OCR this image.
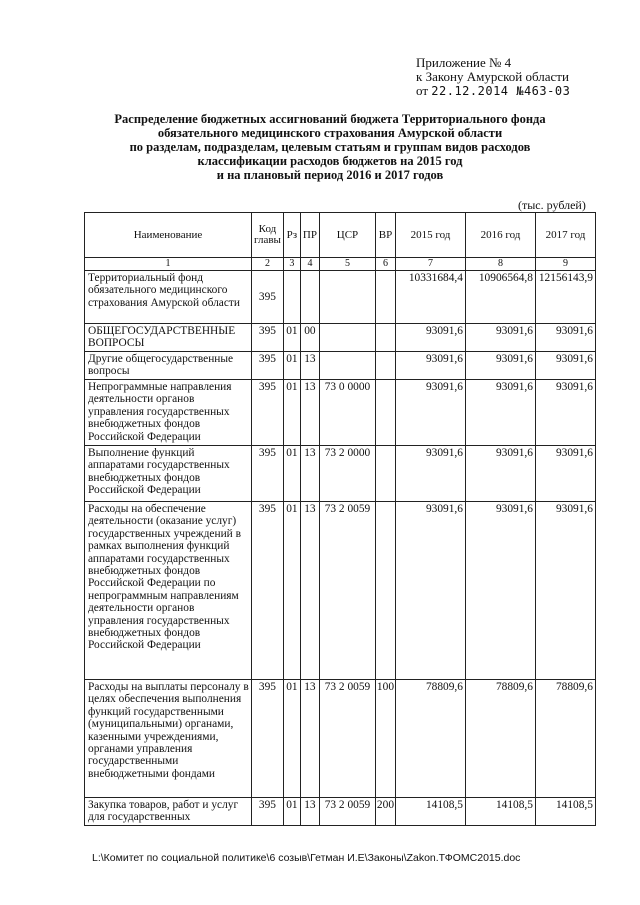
Приложение № 4
к Закону Амурской области
от 22.12.2014 №463-03
Распределение бюджетных ассигнований бюджета Территориального фонда
обязательного медицинского страхования Амурской области
по разделам, подразделам, целевым статьям и группам видов расходов
классификации расходов бюджетов на 2015 год
и на плановый период 2016 и 2017 годов
(тыс. рублей)
Наименование	Код главы	Рз	ПР	ЦСР	ВР	2015 год	2016 год	2017 год
1	2	3	4	5	6	7	8	9
Территориальный фонд обязательного медицинского страхования Амурской области	395					10331684,4	10906564,8	12156143,9
ОБЩЕГОСУДАРСТВЕННЫЕ ВОПРОСЫ	395	01	00			93091,6	93091,6	93091,6
Другие общегосударственные вопросы	395	01	13			93091,6	93091,6	93091,6
Непрограммные направления деятельности органов управления государственных внебюджетных фондов Российской Федерации	395	01	13	73 0 0000		93091,6	93091,6	93091,6
Выполнение функций аппаратами государственных внебюджетных фондов Российской Федерации	395	01	13	73 2 0000		93091,6	93091,6	93091,6
Расходы на обеспечение деятельности (оказание услуг) государственных учреждений в рамках выполнения функций аппаратами государственных внебюджетных фондов Российской Федерации по непрограммным направлениям деятельности органов управления государственных внебюджетных фондов Российской Федерации	395	01	13	73 2 0059		93091,6	93091,6	93091,6
Расходы на выплаты персоналу в целях обеспечения выполнения функций государственными (муниципальными) органами, казенными учреждениями, органами управления государственными внебюджетными фондами	395	01	13	73 2 0059	100	78809,6	78809,6	78809,6
Закупка товаров, работ и услуг для государственных	395	01	13	73 2 0059	200	14108,5	14108,5	14108,5
L:\Комитет по социальной политике\6 созыв\Гетман И.Е\Законы\Zakon.ТФОМС2015.doc
